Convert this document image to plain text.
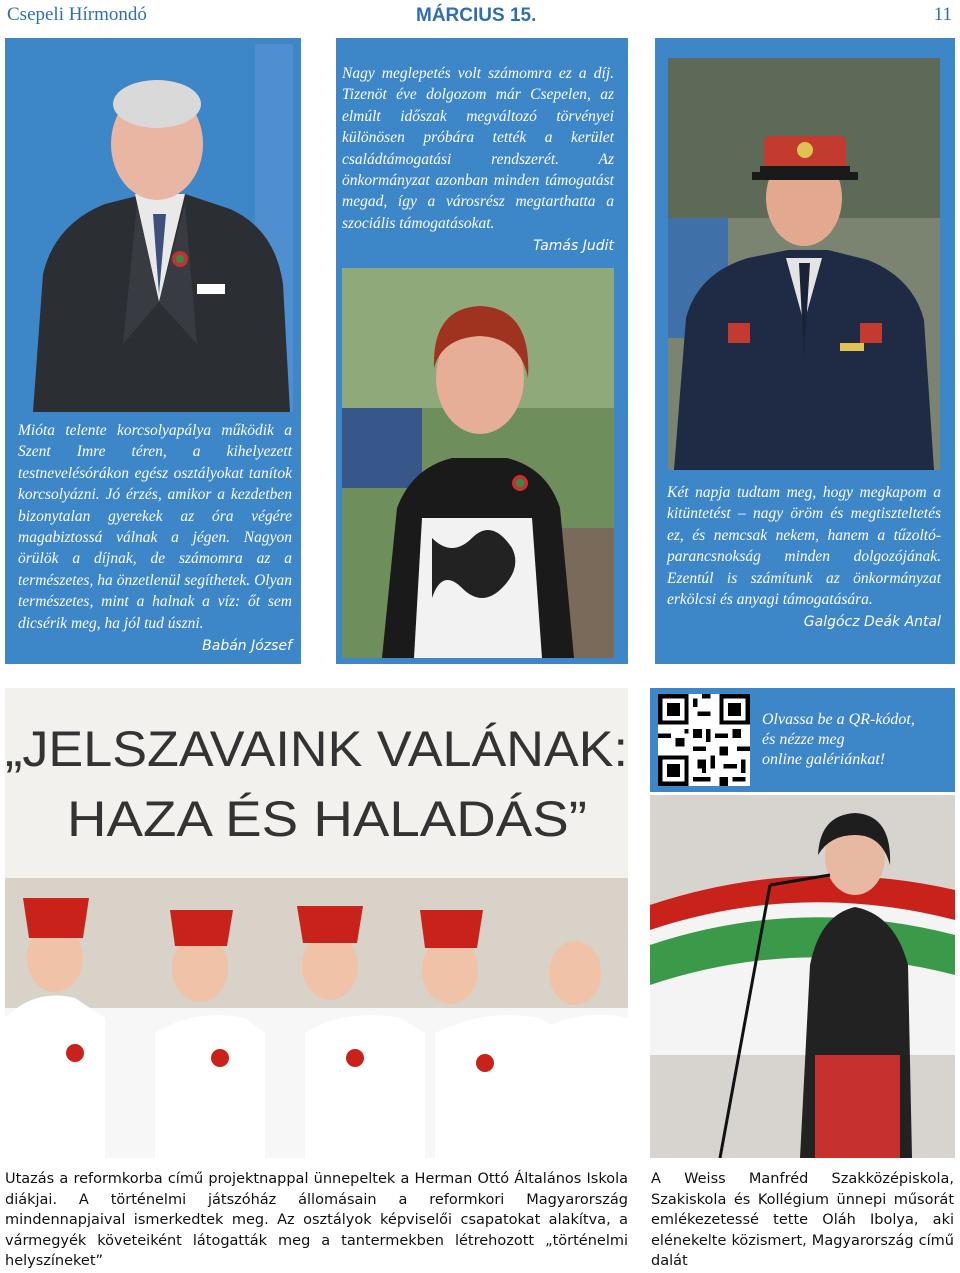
Csepeli Hírmondó	MÁRCIUS 15.	11
Mióta telente korcsolyapálya működik a Szent Imre téren, a kihelyezett testnevelésórákon egész osztályokat tanítok korcsolyázni. Jó érzés, amikor a kezdetben bizonytalan gyerekek az óra végére magabiztossá válnak a jégen. Nagyon örülök a díjnak, de számomra az a természetes, ha önzetlenül segíthetek. Olyan természetes, mint a halnak a víz: őt sem dicsérik meg, ha jól tud úszni.
Babán József
Nagy meglepetés volt számomra ez a díj. Tizenöt éve dolgozom már Csepelen, az elmúlt időszak megváltozó törvényei különösen próbára tették a kerület családtámogatási rendszerét. Az önkormányzat azonban minden támogatást megad, így a városrész megtarthatta a szociális támogatásokat.
Tamás Judit
Két napja tudtam meg, hogy megkapom a kitüntetést – nagy öröm és megtiszteltetés ez, és nemcsak nekem, hanem a tűzoltó-parancsnokság minden dolgozójának. Ezentúl is számítunk az önkormányzat erkölcsi és anyagi támogatására.
Galgócz Deák Antal
„JELSZAVAINK VALÁNAK:
HAZA ÉS HALADÁS”
Olvassa be a QR-kódot,
és nézze meg
online galériánkat!
Utazás a reformkorba című projektnappal ünnepeltek a Herman Ottó Általános Iskola diákjai. A történelmi játszóház állomásain a reformkori Magyarország mindennapjaival ismerkedtek meg. Az osztályok képviselői csapatokat alakítva, a vármegyék követeiként látogatták meg a tantermekben létrehozott „történelmi helyszíneket”
A Weiss Manfréd Szakközépiskola, Szakiskola és Kollégium ünnepi műsorát emlékezetessé tette Oláh Ibolya, aki elénekelte közismert, Magyarország című dalát
